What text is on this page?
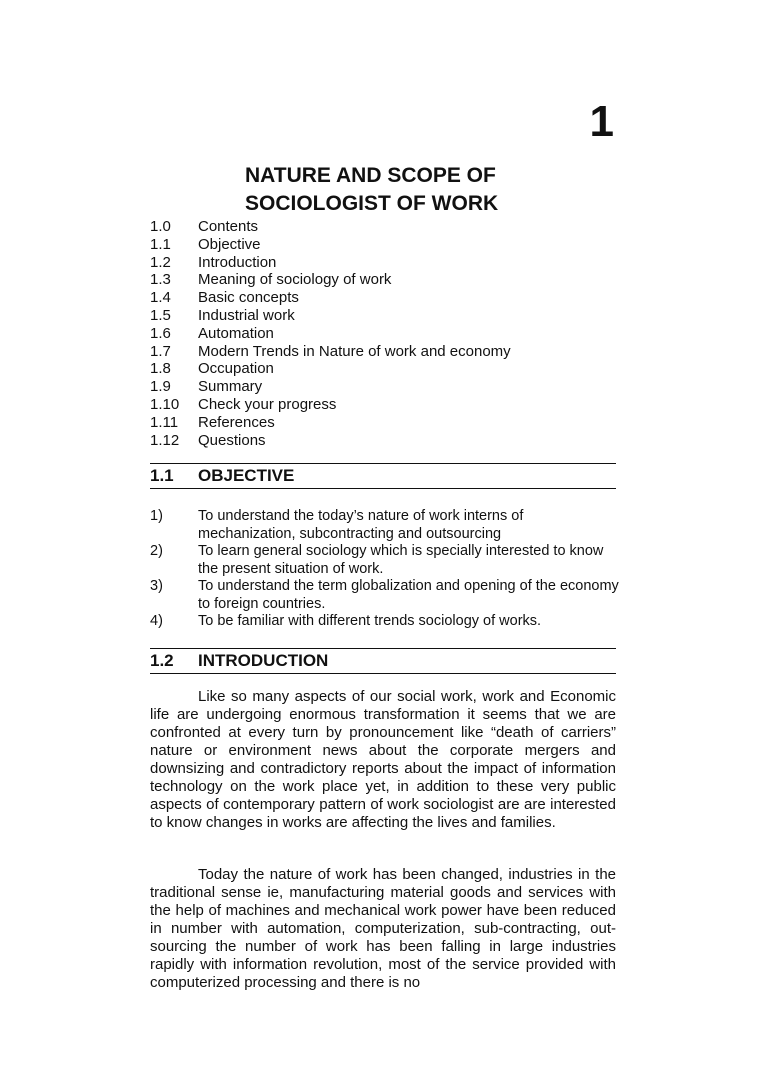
1
NATURE AND SCOPE OF
SOCIOLOGIST OF WORK
1.0	Contents
1.1	Objective
1.2	Introduction
1.3	Meaning of sociology of work
1.4	Basic concepts
1.5	Industrial work
1.6	Automation
1.7	Modern Trends in Nature of work and economy
1.8	Occupation
1.9	Summary
1.10	Check your progress
1.11	References
1.12	Questions
1.1	OBJECTIVE
1)	To understand the today’s nature of work interns of mechanization, subcontracting and outsourcing
2)	To learn general sociology which is specially interested to know the present situation of work.
3)	To understand the term globalization and opening of the economy to foreign countries.
4)	To be familiar with different trends sociology of works.
1.2	INTRODUCTION

Like so many aspects of our social work, work and Economic life are undergoing enormous transformation it seems that we are confronted at every turn by pronouncement like “death of carriers” nature or environment news about the corporate mergers and downsizing and contradictory reports about the impact of information technology on the work place yet, in addition to these very public aspects of contemporary pattern of work sociologist are are interested to know changes in works are affecting the lives and families.

Today the nature of work has been changed, industries in the traditional sense ie, manufacturing material goods and services with the help of machines and mechanical work power have been reduced in number with automation, computerization, sub-contracting, out-sourcing the number of work has been falling in large industries rapidly with information revolution, most of the service provided with computerized processing and there is no
